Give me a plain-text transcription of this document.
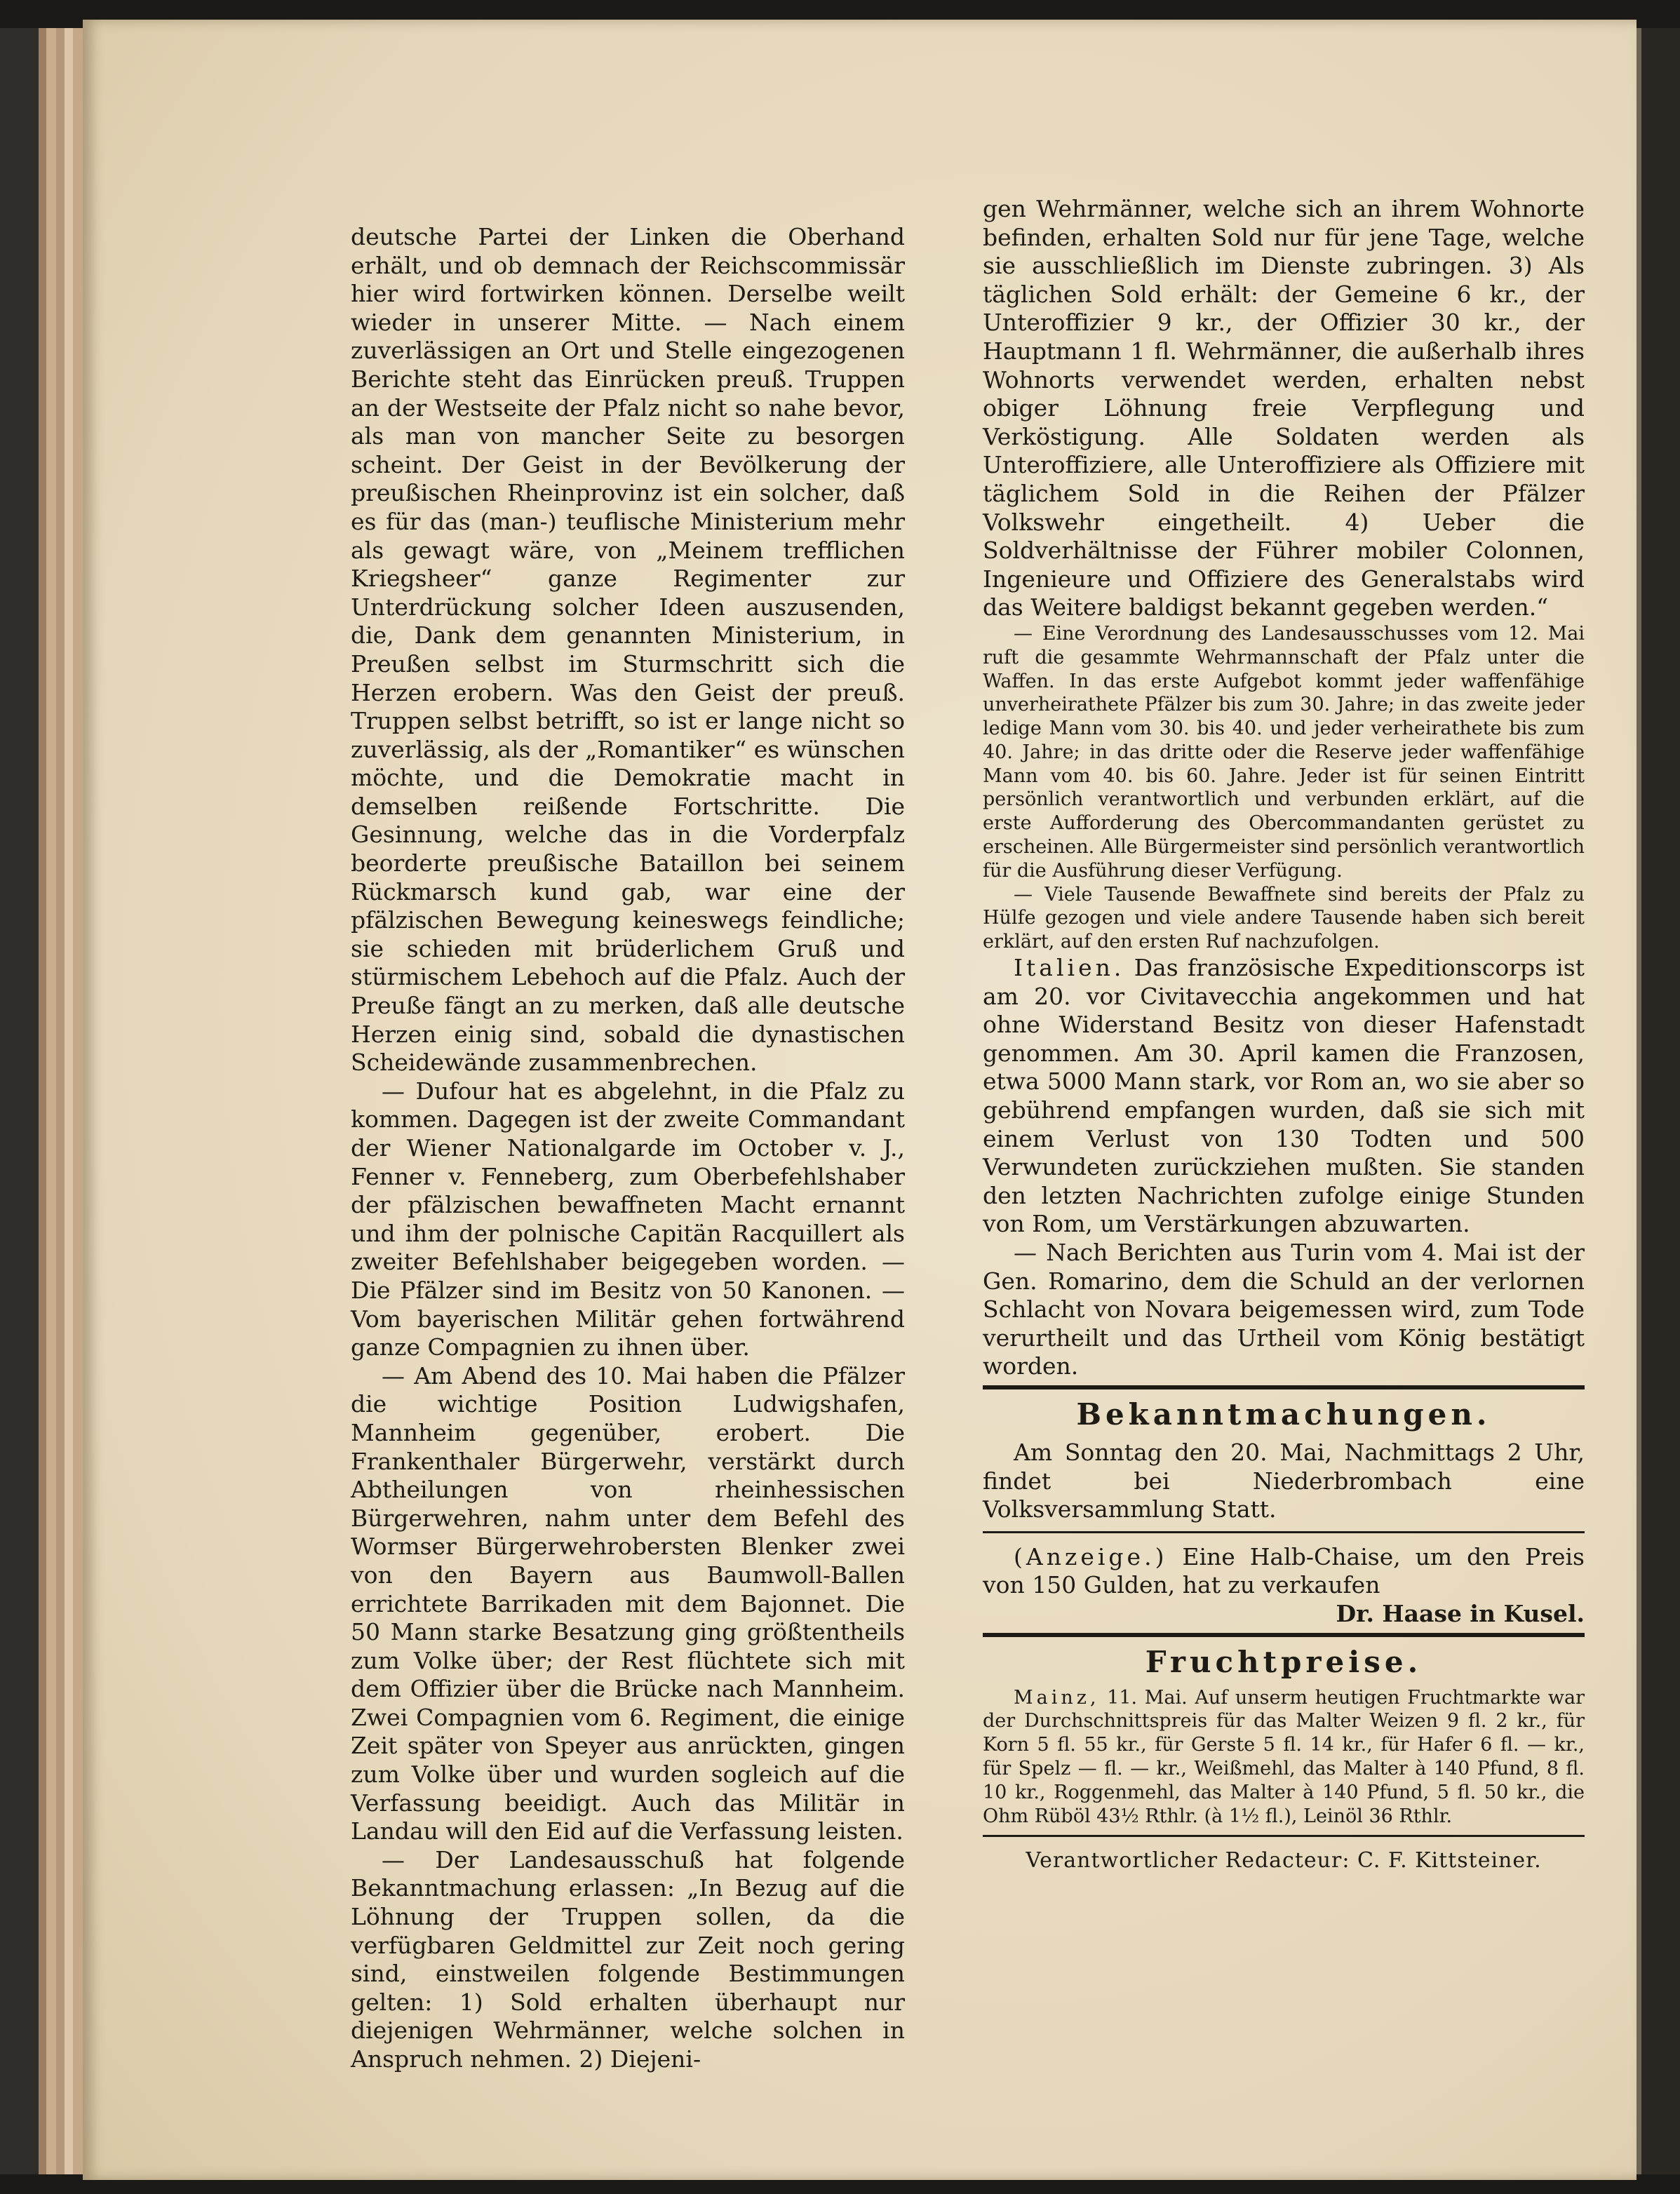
deutsche Partei der Linken die Oberhand erhält, und ob demnach der Reichscommissär hier wird fortwirken können. Derselbe weilt wieder in unserer Mitte. — Nach einem zuverlässigen an Ort und Stelle eingezogenen Berichte steht das Einrücken preuß. Truppen an der Westseite der Pfalz nicht so nahe bevor, als man von mancher Seite zu besorgen scheint. Der Geist in der Bevölkerung der preußischen Rheinprovinz ist ein solcher, daß es für das (man-) teuflische Ministerium mehr als gewagt wäre, von „Meinem trefflichen Kriegsheer“ ganze Regimenter zur Unterdrückung solcher Ideen auszusenden, die, Dank dem genannten Ministerium, in Preußen selbst im Sturmschritt sich die Herzen erobern. Was den Geist der preuß. Truppen selbst betrifft, so ist er lange nicht so zuverlässig, als der „Romantiker“ es wünschen möchte, und die Demokratie macht in demselben reißende Fortschritte. Die Gesinnung, welche das in die Vorderpfalz beorderte preußische Bataillon bei seinem Rückmarsch kund gab, war eine der pfälzischen Bewegung keineswegs feindliche; sie schieden mit brüderlichem Gruß und stürmischem Lebehoch auf die Pfalz. Auch der Preuße fängt an zu merken, daß alle deutsche Herzen einig sind, sobald die dynastischen Scheidewände zusammenbrechen.

— Dufour hat es abgelehnt, in die Pfalz zu kommen. Dagegen ist der zweite Commandant der Wiener Nationalgarde im October v. J., Fenner v. Fenneberg, zum Oberbefehlshaber der pfälzischen bewaffneten Macht ernannt und ihm der polnische Capitän Racquillert als zweiter Befehlshaber beigegeben worden. — Die Pfälzer sind im Besitz von 50 Kanonen. — Vom bayerischen Militär gehen fortwährend ganze Compagnien zu ihnen über.

— Am Abend des 10. Mai haben die Pfälzer die wichtige Position Ludwigshafen, Mannheim gegenüber, erobert. Die Frankenthaler Bürgerwehr, verstärkt durch Abtheilungen von rheinhessischen Bürgerwehren, nahm unter dem Befehl des Wormser Bürgerwehrobersten Blenker zwei von den Bayern aus Baumwoll-Ballen errichtete Barrikaden mit dem Bajonnet. Die 50 Mann starke Besatzung ging größtentheils zum Volke über; der Rest flüchtete sich mit dem Offizier über die Brücke nach Mannheim. Zwei Compagnien vom 6. Regiment, die einige Zeit später von Speyer aus anrückten, gingen zum Volke über und wurden sogleich auf die Verfassung beeidigt. Auch das Militär in Landau will den Eid auf die Verfassung leisten.

— Der Landesausschuß hat folgende Bekanntmachung erlassen: „In Bezug auf die Löhnung der Truppen sollen, da die verfügbaren Geldmittel zur Zeit noch gering sind, einstweilen folgende Bestimmungen gelten: 1) Sold erhalten überhaupt nur diejenigen Wehrmänner, welche solchen in Anspruch nehmen. 2) Diejeni-

gen Wehrmänner, welche sich an ihrem Wohnorte befinden, erhalten Sold nur für jene Tage, welche sie ausschließlich im Dienste zubringen. 3) Als täglichen Sold erhält: der Gemeine 6 kr., der Unteroffizier 9 kr., der Offizier 30 kr., der Hauptmann 1 fl. Wehrmänner, die außerhalb ihres Wohnorts verwendet werden, erhalten nebst obiger Löhnung freie Verpflegung und Verköstigung. Alle Soldaten werden als Unteroffiziere, alle Unteroffiziere als Offiziere mit täglichem Sold in die Reihen der Pfälzer Volkswehr eingetheilt. 4) Ueber die Soldverhältnisse der Führer mobiler Colonnen, Ingenieure und Offiziere des Generalstabs wird das Weitere baldigst bekannt gegeben werden.“

— Eine Verordnung des Landesausschusses vom 12. Mai ruft die gesammte Wehrmannschaft der Pfalz unter die Waffen. In das erste Aufgebot kommt jeder waffenfähige unverheirathete Pfälzer bis zum 30. Jahre; in das zweite jeder ledige Mann vom 30. bis 40. und jeder verheirathete bis zum 40. Jahre; in das dritte oder die Reserve jeder waffenfähige Mann vom 40. bis 60. Jahre. Jeder ist für seinen Eintritt persönlich verantwortlich und verbunden erklärt, auf die erste Aufforderung des Obercommandanten gerüstet zu erscheinen. Alle Bürgermeister sind persönlich verantwortlich für die Ausführung dieser Verfügung.

— Viele Tausende Bewaffnete sind bereits der Pfalz zu Hülfe gezogen und viele andere Tausende haben sich bereit erklärt, auf den ersten Ruf nachzufolgen.

Italien. Das französische Expeditionscorps ist am 20. vor Civitavecchia angekommen und hat ohne Widerstand Besitz von dieser Hafenstadt genommen. Am 30. April kamen die Franzosen, etwa 5000 Mann stark, vor Rom an, wo sie aber so gebührend empfangen wurden, daß sie sich mit einem Verlust von 130 Todten und 500 Verwundeten zurückziehen mußten. Sie standen den letzten Nachrichten zufolge einige Stunden von Rom, um Verstärkungen abzuwarten.

— Nach Berichten aus Turin vom 4. Mai ist der Gen. Romarino, dem die Schuld an der verlornen Schlacht von Novara beigemessen wird, zum Tode verurtheilt und das Urtheil vom König bestätigt worden.

Bekanntmachungen.

Am Sonntag den 20. Mai, Nachmittags 2 Uhr, findet bei Niederbrombach eine Volksversammlung Statt.

(Anzeige.) Eine Halb-Chaise, um den Preis von 150 Gulden, hat zu verkaufen

Dr. Haase in Kusel.

Fruchtpreise.

Mainz, 11. Mai. Auf unserm heutigen Fruchtmarkte war der Durchschnittspreis für das Malter Weizen 9 fl. 2 kr., für Korn 5 fl. 55 kr., für Gerste 5 fl. 14 kr., für Hafer 6 fl. — kr., für Spelz — fl. — kr., Weißmehl, das Malter à 140 Pfund, 8 fl. 10 kr., Roggenmehl, das Malter à 140 Pfund, 5 fl. 50 kr., die Ohm Rüböl 43½ Rthlr. (à 1½ fl.), Leinöl 36 Rthlr.

Verantwortlicher Redacteur: C. F. Kittsteiner.
